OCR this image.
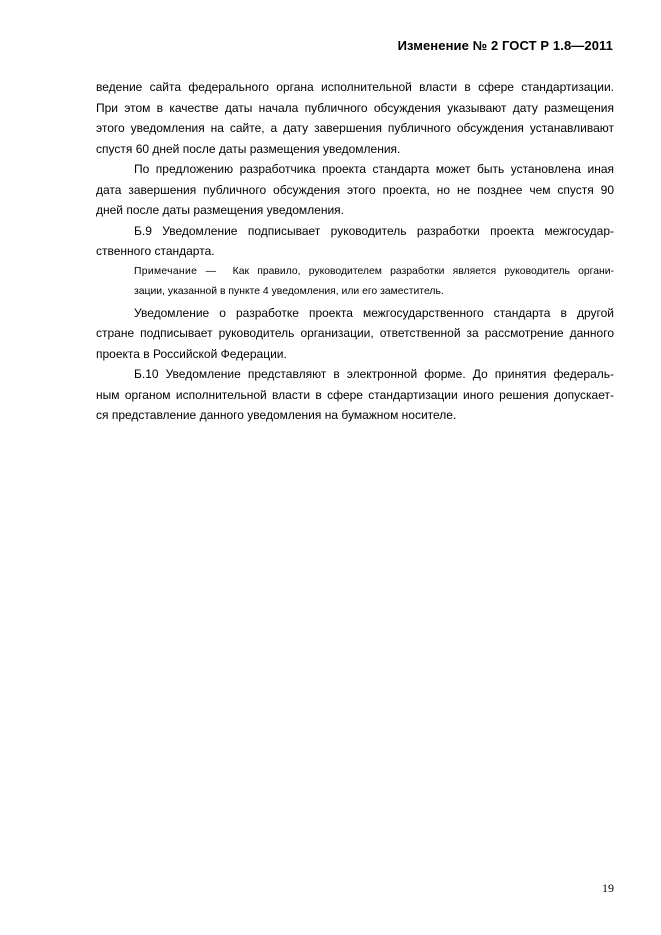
Изменение № 2 ГОСТ Р 1.8—2011
ведение сайта федерального органа исполнительной власти в сфере стандартизации.
При этом в качестве даты начала публичного обсуждения указывают дату размещения
этого уведомления на сайте, а дату завершения публичного обсуждения устанавливают
спустя 60 дней после даты размещения уведомления.
По предложению разработчика проекта стандарта может быть установлена иная
дата завершения публичного обсуждения этого проекта, но не позднее чем спустя 90
дней после даты размещения уведомления.
Б.9 Уведомление подписывает руководитель разработки проекта межгосудар-
ственного стандарта.
Примечание — Как правило, руководителем разработки является руководитель органи-
зации, указанной в пункте 4 уведомления, или его заместитель.
Уведомление о разработке проекта межгосударственного стандарта в другой
стране подписывает руководитель организации, ответственной за рассмотрение данного
проекта в Российской Федерации.
Б.10 Уведомление представляют в электронной форме. До принятия федераль-
ным органом исполнительной власти в сфере стандартизации иного решения допускает-
ся представление данного уведомления на бумажном носителе.
19
